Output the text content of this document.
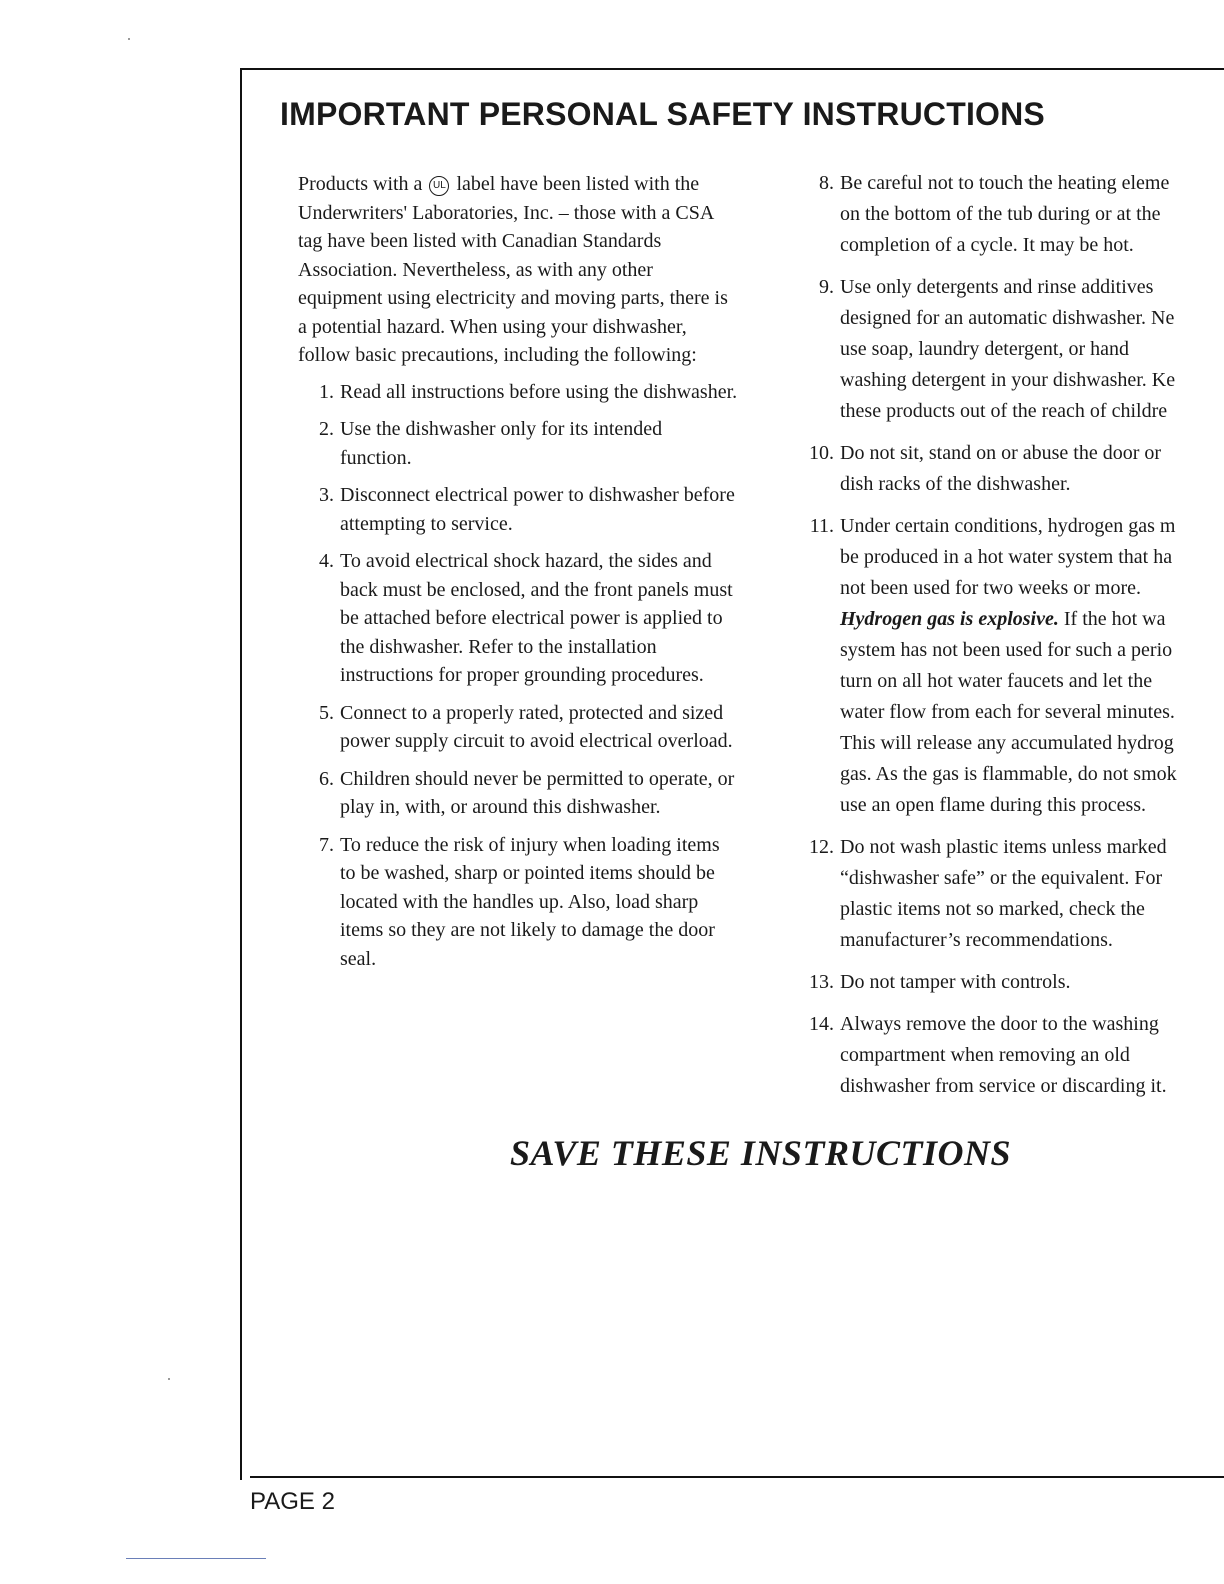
IMPORTANT PERSONAL SAFETY INSTRUCTIONS

Products with a UL label have been listed with the Underwriters' Laboratories, Inc. – those with a CSA tag have been listed with Canadian Standards Association. Nevertheless, as with any other equipment using electricity and moving parts, there is a potential hazard. When using your dishwasher, follow basic precautions, including the following:

1. Read all instructions before using the dishwasher.
2. Use the dishwasher only for its intended function.
3. Disconnect electrical power to dishwasher before attempting to service.
4. To avoid electrical shock hazard, the sides and back must be enclosed, and the front panels must be attached before electrical power is applied to the dishwasher. Refer to the installation instructions for proper grounding procedures.
5. Connect to a properly rated, protected and sized power supply circuit to avoid electrical overload.
6. Children should never be permitted to operate, or play in, with, or around this dishwasher.
7. To reduce the risk of injury when loading items to be washed, sharp or pointed items should be located with the handles up. Also, load sharp items so they are not likely to damage the door seal.
8. Be careful not to touch the heating eleme
on the bottom of the tub during or at the
completion of a cycle. It may be hot.
9. Use only detergents and rinse additives
designed for an automatic dishwasher. Ne
use soap, laundry detergent, or hand
washing detergent in your dishwasher. Ke
these products out of the reach of childre
10. Do not sit, stand on or abuse the door or
dish racks of the dishwasher.
11. Under certain conditions, hydrogen gas m
be produced in a hot water system that ha
not been used for two weeks or more.
Hydrogen gas is explosive. If the hot wa
system has not been used for such a perio
turn on all hot water faucets and let the
water flow from each for several minutes.
This will release any accumulated hydrog
gas. As the gas is flammable, do not smok
use an open flame during this process.
12. Do not wash plastic items unless marked
“dishwasher safe” or the equivalent. For
plastic items not so marked, check the
manufacturer’s recommendations.
13. Do not tamper with controls.
14. Always remove the door to the washing
compartment when removing an old
dishwasher from service or discarding it.
SAVE THESE INSTRUCTIONS
PAGE 2
